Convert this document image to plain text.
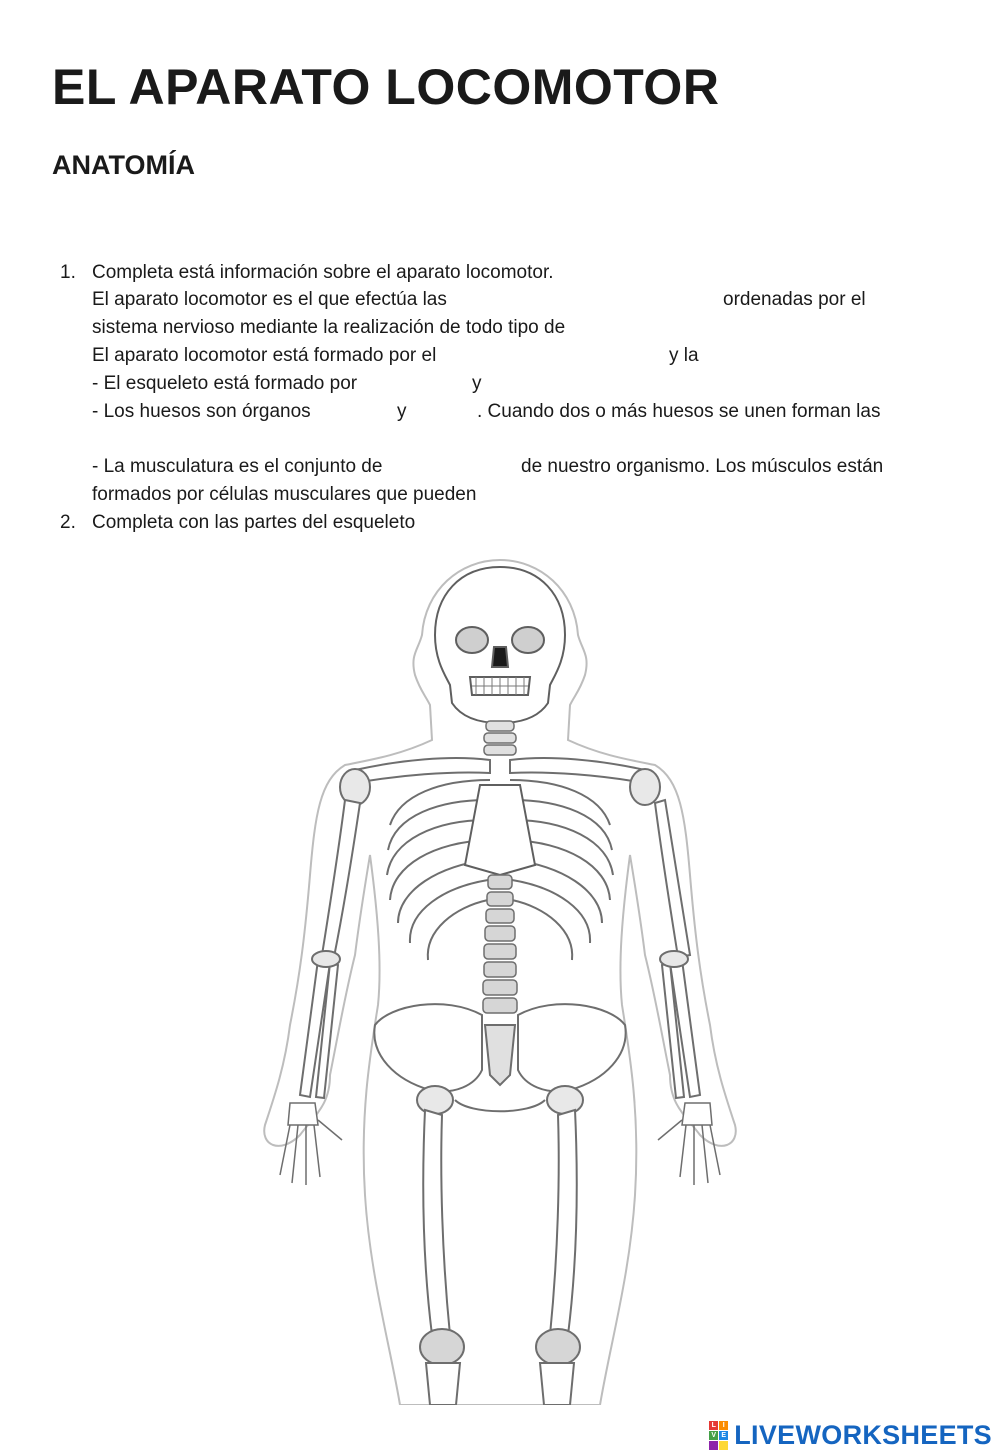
EL APARATO LOCOMOTOR
ANATOMÍA
1. Completa está información sobre el aparato locomotor.
El aparato locomotor es el que efectúa las	ordenadas por el
sistema nervioso mediante la realización de todo tipo de
El aparato locomotor está formado por el	y la
- El esqueleto está formado por	y
- Los huesos son órganos	y	. Cuando dos o más huesos se unen forman las
- La musculatura es el conjunto de	de nuestro organismo. Los músculos están
formados por células musculares que pueden
2. Completa con las partes del esqueleto
L I
V E LIVEWORKSHEETS
